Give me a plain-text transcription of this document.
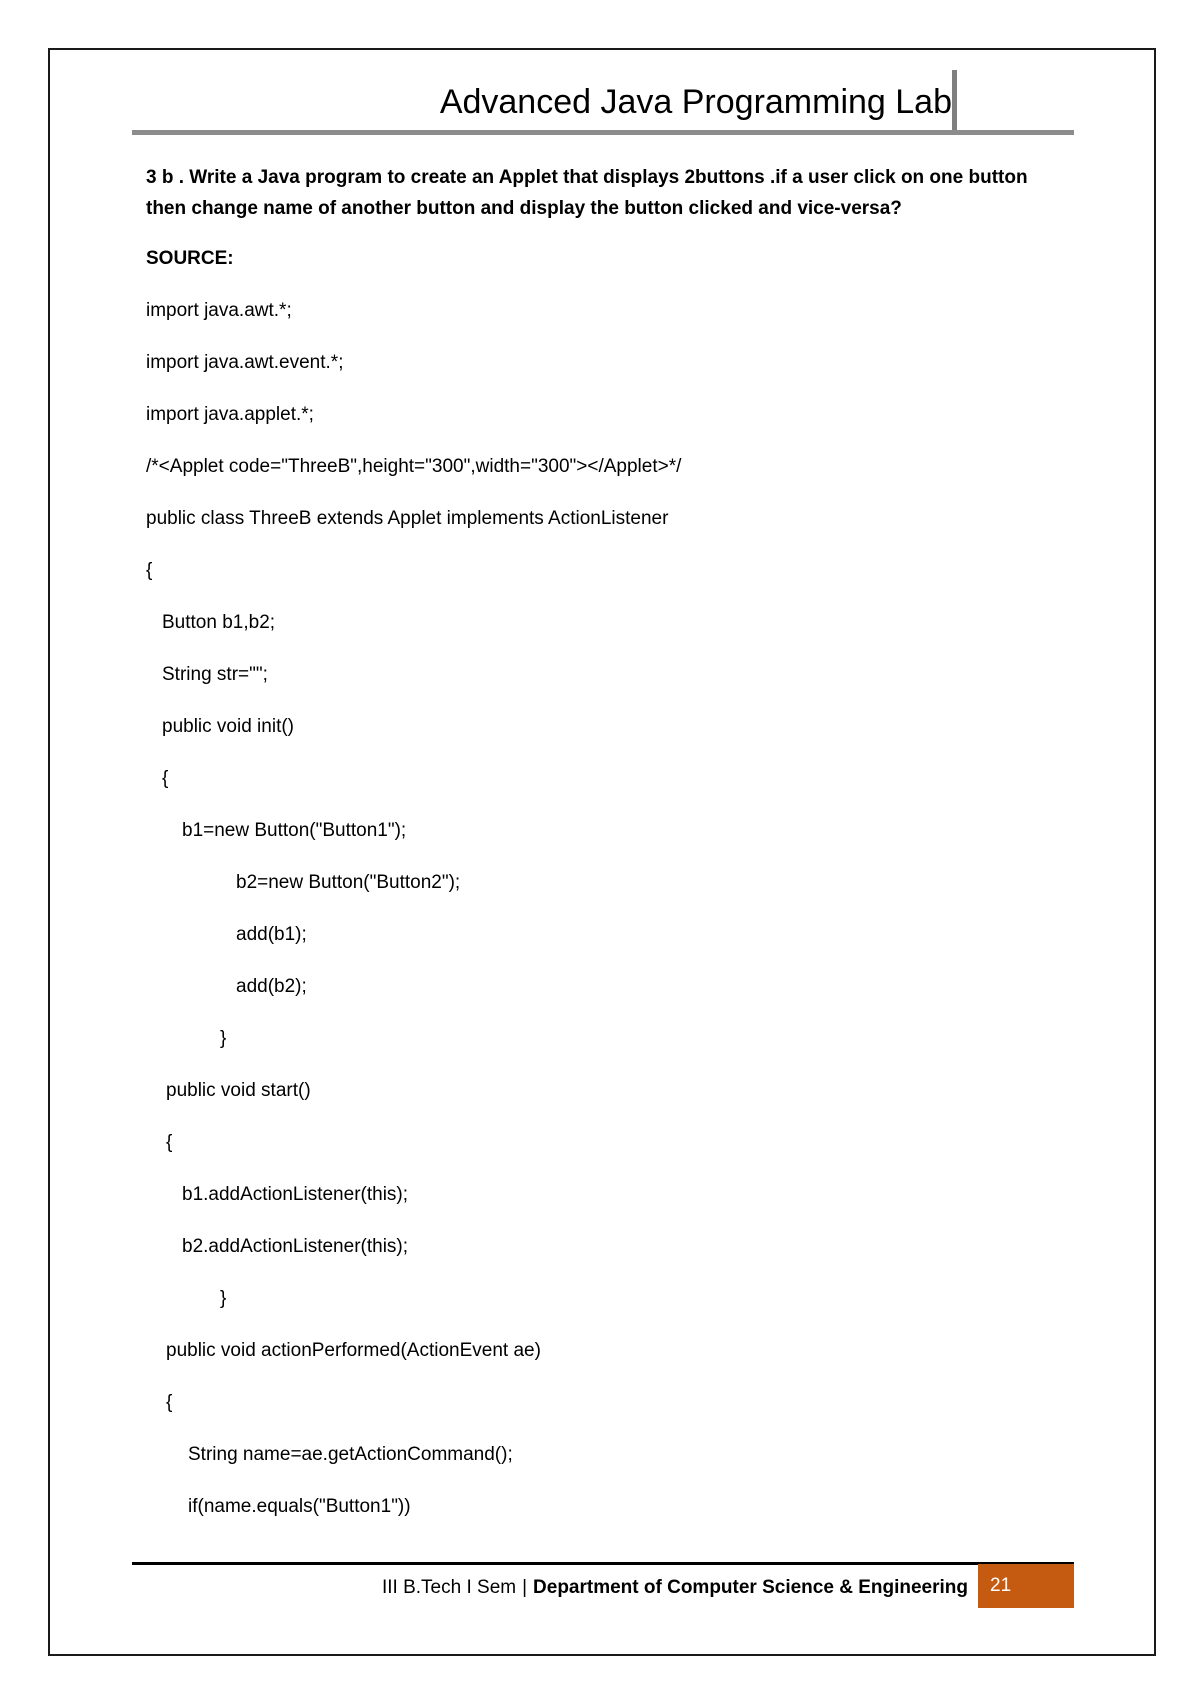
Advanced Java Programming Lab

3 b . Write a Java program to create an Applet that displays 2buttons .if a user click on one button then change name of another button and display the button clicked and vice-versa?

SOURCE:
import java.awt.*;
import java.awt.event.*;
import java.applet.*;
/*<Applet code="ThreeB",height="300",width="300"></Applet>*/
public class ThreeB extends Applet implements ActionListener
{
Button b1,b2;
String str="";
public void init()
{
b1=new Button("Button1");
b2=new Button("Button2");
add(b1);
add(b2);
}
public void start()
{
b1.addActionListener(this);
b2.addActionListener(this);
}
public void actionPerformed(ActionEvent ae)
{
String name=ae.getActionCommand();
if(name.equals("Button1"))
III B.Tech I Sem | Department of Computer Science & Engineering	21
